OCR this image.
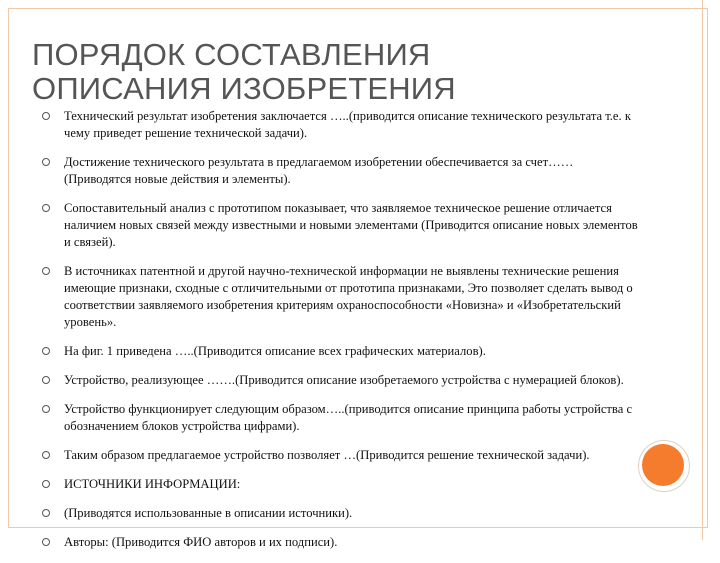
ПОРЯДОК СОСТАВЛЕНИЯ
ОПИСАНИЯ ИЗОБРЕТЕНИЯ
Технический результат изобретения заключается …..(приводится описание технического результата т.е. к чему приведет решение технической задачи).
Достижение технического результата в предлагаемом изобретении обеспечивается за счет……(Приводятся новые действия и элементы).
Сопоставительный анализ с прототипом показывает, что заявляемое техническое решение отличается наличием новых связей между известными и новыми элементами (Приводится описание новых элементов и связей).
В источниках патентной и другой научно-технической информации не выявлены технические решения имеющие признаки, сходные с отличительными от прототипа признаками, Это позволяет сделать вывод о соответствии заявляемого изобретения критериям охраноспособности «Новизна» и «Изобретательский уровень».
На фиг. 1 приведена …..(Приводится описание всех графических материалов).
Устройство, реализующее …….(Приводится описание изобретаемого устройства с нумерацией блоков).
Устройство функционирует следующим образом…..(приводится описание принципа работы устройства с обозначением блоков устройства цифрами).
Таким образом предлагаемое устройство позволяет …(Приводится решение технической задачи).
ИСТОЧНИКИ ИНФОРМАЦИИ:
(Приводятся использованные в описании источники).
Авторы: (Приводится ФИО авторов и их подписи).
